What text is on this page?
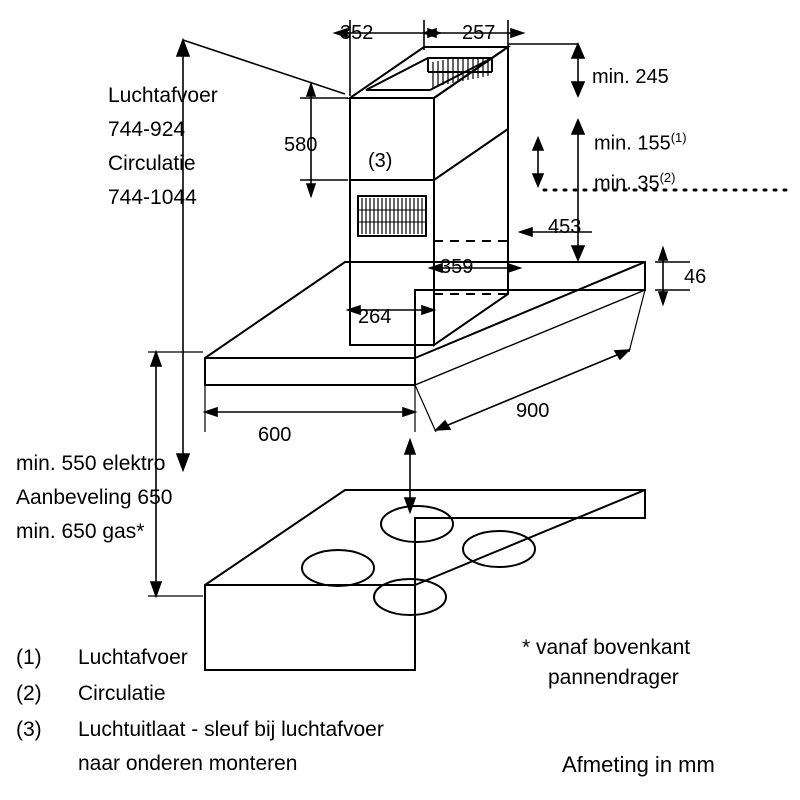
352	257
Luchtafvoer
744-924
Circulatie
744-1044
580
(3)
min. 245
min. 155$^{(1)}$
min. 35$^{(2)}$
453
359
264
46
900
600
min. 550 elektro
Aanbeveling 650
min. 650 gas*
* vanaf bovenkant
pannendrager
(1) Luchtafvoer
(2) Circulatie
(3) Luchtuitlaat - sleuf bij luchtafvoer
naar onderen monteren	Afmeting in mm
